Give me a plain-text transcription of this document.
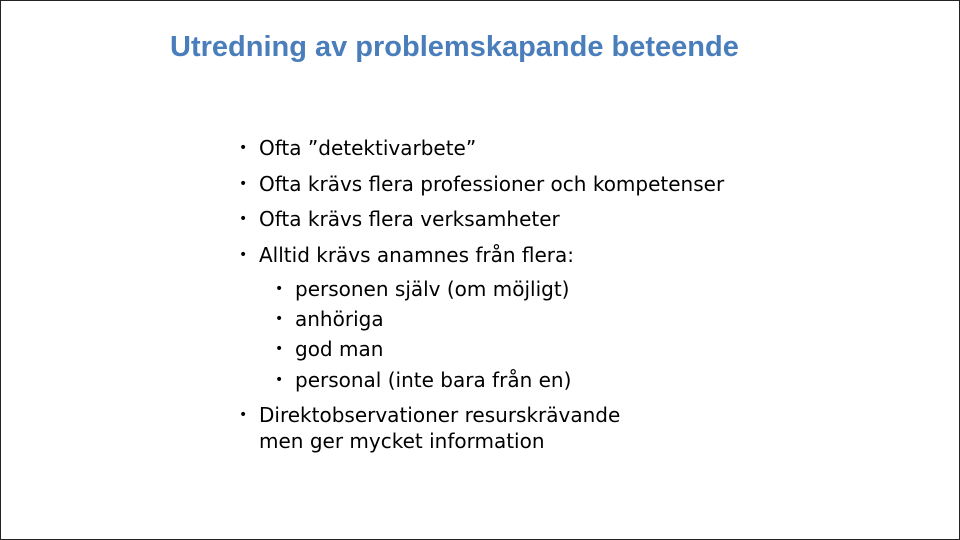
Utredning av problemskapande beteende
• Ofta ”detektivarbete”
• Ofta krävs flera professioner och kompetenser
• Ofta krävs flera verksamheter
• Alltid krävs anamnes från flera:
• personen själv (om möjligt)
• anhöriga
• god man
• personal (inte bara från en)
• Direktobservationer resurskrävande
men ger mycket information
